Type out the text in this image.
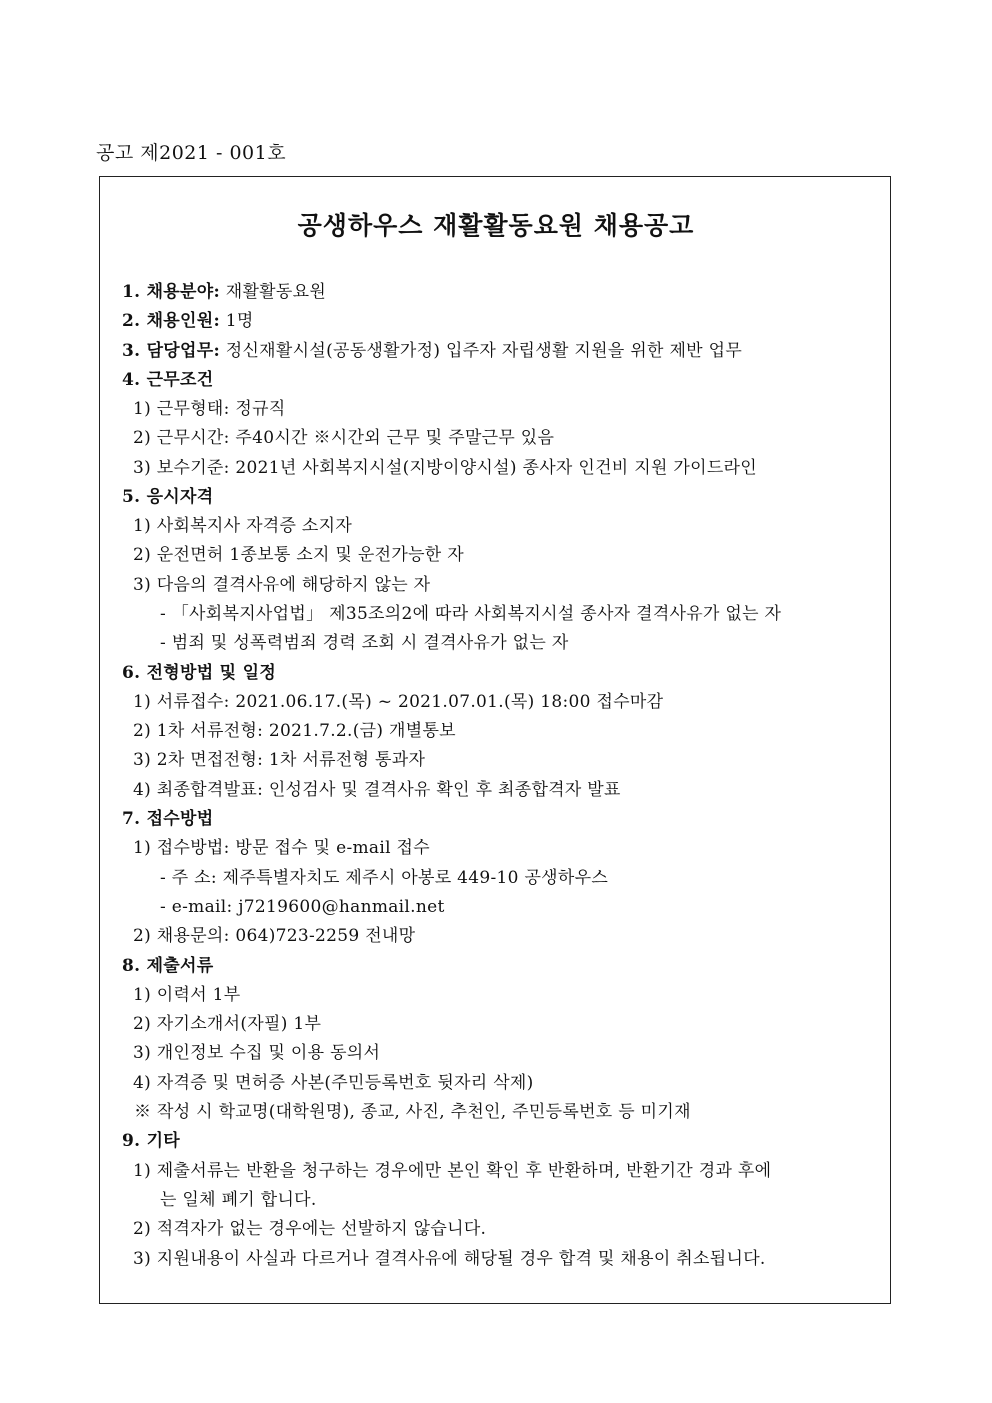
공고 제2021 - 001호
공생하우스 재활활동요원 채용공고
1. 채용분야: 재활활동요원
2. 채용인원: 1명
3. 담당업무: 정신재활시설(공동생활가정) 입주자 자립생활 지원을 위한 제반 업무
4. 근무조건
1) 근무형태: 정규직
2) 근무시간: 주40시간 ※시간외 근무 및 주말근무 있음
3) 보수기준: 2021년 사회복지시설(지방이양시설) 종사자 인건비 지원 가이드라인
5. 응시자격
1) 사회복지사 자격증 소지자
2) 운전면허 1종보통 소지 및 운전가능한 자
3) 다음의 결격사유에 해당하지 않는 자
- 「사회복지사업법」 제35조의2에 따라 사회복지시설 종사자 결격사유가 없는 자
- 범죄 및 성폭력범죄 경력 조회 시 결격사유가 없는 자
6. 전형방법 및 일정
1) 서류접수: 2021.06.17.(목) ~ 2021.07.01.(목) 18:00 접수마감
2) 1차 서류전형: 2021.7.2.(금) 개별통보
3) 2차 면접전형: 1차 서류전형 통과자
4) 최종합격발표: 인성검사 및 결격사유 확인 후 최종합격자 발표
7. 접수방법
1) 접수방법: 방문 접수 및 e-mail 접수
- 주 소: 제주특별자치도 제주시 아봉로 449-10 공생하우스
- e-mail: j7219600@hanmail.net
2) 채용문의: 064)723-2259 전내망
8. 제출서류
1) 이력서 1부
2) 자기소개서(자필) 1부
3) 개인정보 수집 및 이용 동의서
4) 자격증 및 면허증 사본(주민등록번호 뒷자리 삭제)
※ 작성 시 학교명(대학원명), 종교, 사진, 추천인, 주민등록번호 등 미기재
9. 기타
1) 제출서류는 반환을 청구하는 경우에만 본인 확인 후 반환하며, 반환기간 경과 후에
는 일체 폐기 합니다.
2) 적격자가 없는 경우에는 선발하지 않습니다.
3) 지원내용이 사실과 다르거나 결격사유에 해당될 경우 합격 및 채용이 취소됩니다.
